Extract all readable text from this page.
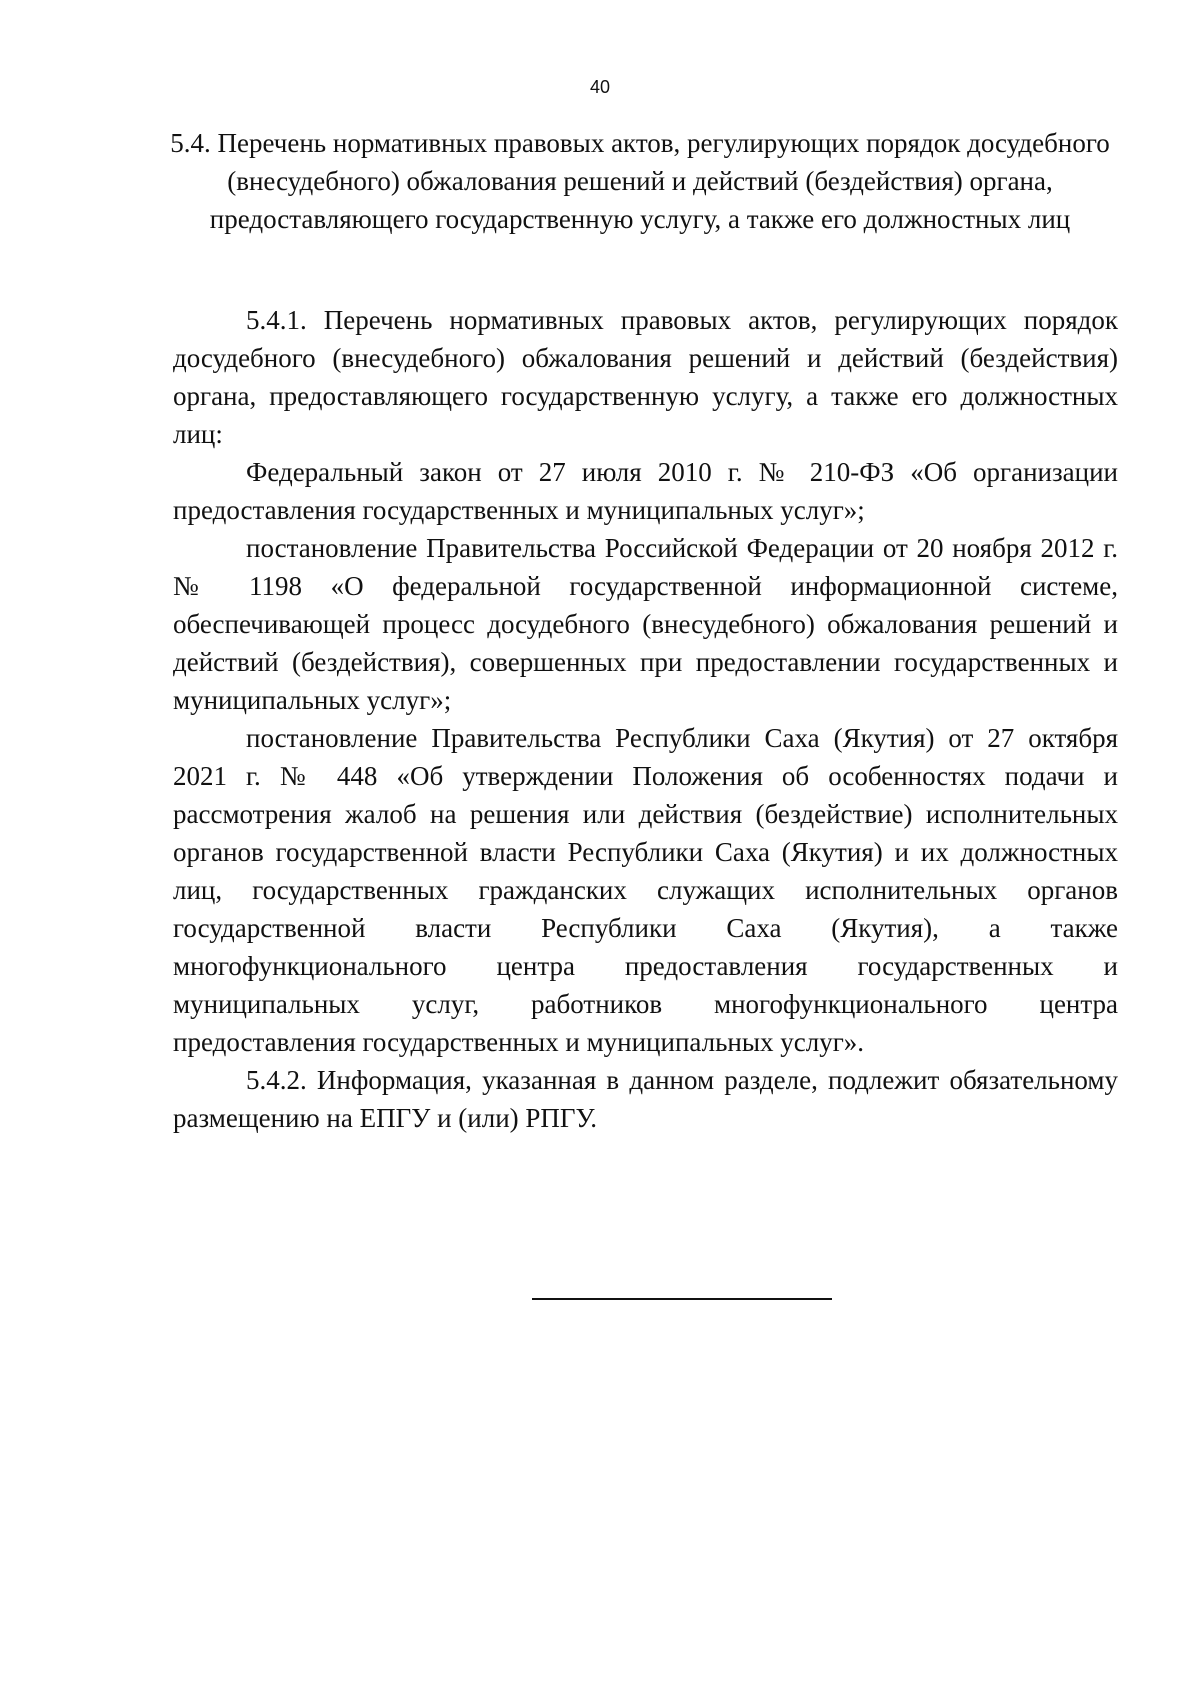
40
5.4. Перечень нормативных правовых актов, регулирующих порядок досудебного (внесудебного) обжалования решений и действий (бездействия) органа, предоставляющего государственную услугу, а также его должностных лиц

5.4.1. Перечень нормативных правовых актов, регулирующих порядок досудебного (внесудебного) обжалования решений и действий (бездействия) органа, предоставляющего государственную услугу, а также его должностных лиц:

Федеральный закон от 27 июля 2010 г. № 210-ФЗ «Об организации предоставления государственных и муниципальных услуг»;

постановление Правительства Российской Федерации от 20 ноября 2012 г. № 1198 «О федеральной государственной информационной системе, обеспечивающей процесс досудебного (внесудебного) обжалования решений и действий (бездействия), совершенных при предоставлении государственных и муниципальных услуг»;

постановление Правительства Республики Саха (Якутия) от 27 октября 2021 г. № 448 «Об утверждении Положения об особенностях подачи и рассмотрения жалоб на решения или действия (бездействие) исполнительных органов государственной власти Республики Саха (Якутия) и их должностных лиц, государственных гражданских служащих исполнительных органов государственной власти Республики Саха (Якутия), а также многофункционального центра предоставления государственных и муниципальных услуг, работников многофункционального центра предоставления государственных и муниципальных услуг».

5.4.2. Информация, указанная в данном разделе, подлежит обязательному размещению на ЕПГУ и (или) РПГУ.
